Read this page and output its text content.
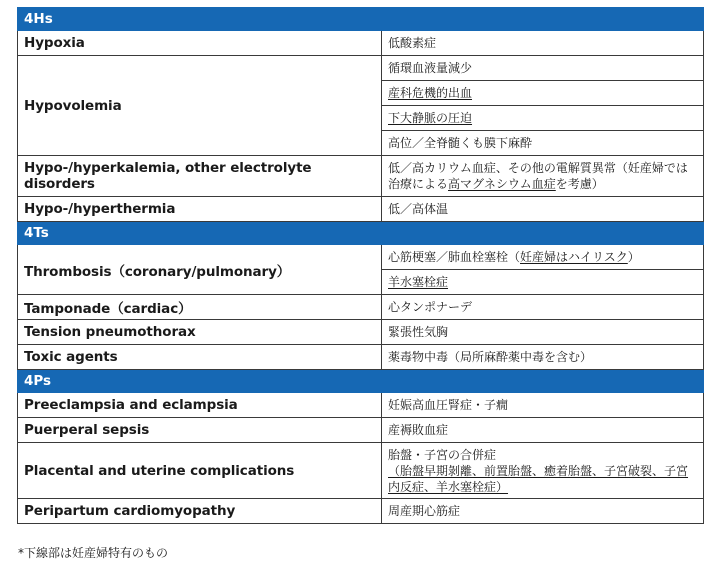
4Hs	
Hypoxia	低酸素症
Hypovolemia	循環血液量減少
	産科危機的出血
	下大静脈の圧迫
	高位／全脊髄くも膜下麻酔
Hypo-/hyperkalemia, other electrolyte disorders	低／高カリウム血症、その他の電解質異常（妊産婦では治療による高マグネシウム血症を考慮）
Hypo-/hyperthermia	低／高体温
4Ts	
Thrombosis（coronary/pulmonary）	心筋梗塞／肺血栓塞栓（妊産婦はハイリスク）
	羊水塞栓症
Tamponade（cardiac）	心タンポナーデ
Tension pneumothorax	緊張性気胸
Toxic agents	薬毒物中毒（局所麻酔薬中毒を含む）
4Ps	
Preeclampsia and eclampsia	妊娠高血圧腎症・子癇
Puerperal sepsis	産褥敗血症
Placental and uterine complications	胎盤・子宮の合併症
（胎盤早期剝離、前置胎盤、癒着胎盤、子宮破裂、子宮内反症、羊水塞栓症）

Peripartum cardiomyopathy	周産期心筋症
*下線部は妊産婦特有のもの
